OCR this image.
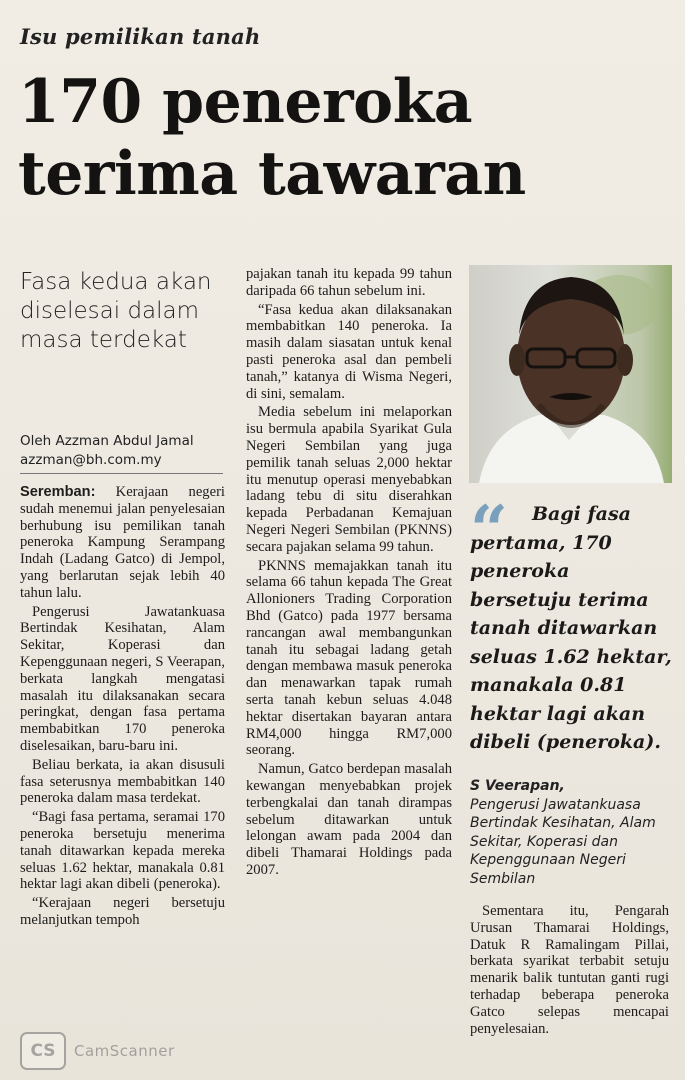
Isu pemilikan tanah
170 peneroka
terima tawaran

Fasa kedua akan diselesai dalam masa terdekat

Oleh Azzman Abdul Jamal
azzman@bh.com.my

Seremban: Kerajaan negeri sudah menemui jalan penyelesaian berhubung isu pemilikan tanah peneroka Kampung Serampang Indah (Ladang Gatco) di Jempol, yang berlarutan sejak lebih 40 tahun lalu.

Pengerusi Jawatankuasa Bertindak Kesihatan, Alam Sekitar, Koperasi dan Kepenggunaan negeri, S Veerapan, berkata langkah mengatasi masalah itu dilaksanakan secara peringkat, dengan fasa pertama membabitkan 170 peneroka diselesaikan, baru-baru ini.

Beliau berkata, ia akan disusuli fasa seterusnya membabitkan 140 peneroka dalam masa terdekat.

“Bagi fasa pertama, seramai 170 peneroka bersetuju menerima tanah ditawarkan kepada mereka seluas 1.62 hektar, manakala 0.81 hektar lagi akan dibeli (peneroka).

“Kerajaan negeri bersetuju melanjutkan tempoh

pajakan tanah itu kepada 99 tahun daripada 66 tahun sebelum ini.

“Fasa kedua akan dilaksanakan membabitkan 140 peneroka. Ia masih dalam siasatan untuk kenal pasti peneroka asal dan pembeli tanah,” katanya di Wisma Negeri, di sini, semalam.

Media sebelum ini melaporkan isu bermula apabila Syarikat Gula Negeri Sembilan yang juga pemilik tanah seluas 2,000 hektar itu menutup operasi menyebabkan ladang tebu di situ diserahkan kepada Perbadanan Kemajuan Negeri Negeri Sembilan (PKNNS) secara pajakan selama 99 tahun.

PKNNS memajakkan tanah itu selama 66 tahun kepada The Great Allonioners Trading Corporation Bhd (Gatco) pada 1977 bersama rancangan awal membangunkan tanah itu sebagai ladang getah dengan membawa masuk peneroka dan menawarkan tapak rumah serta tanah kebun seluas 4.048 hektar disertakan bayaran antara RM4,000 hingga RM7,000 seorang.

Namun, Gatco berdepan masalah kewangan menyebabkan projek terbengkalai dan tanah dirampas sebelum ditawarkan untuk lelongan awam pada 2004 dan dibeli Thamarai Holdings pada 2007.

“	Bagi fasa pertama, 170 peneroka bersetuju terima tanah ditawarkan seluas 1.62 hektar, manakala 0.81 hektar lagi akan dibeli (peneroka).

S Veerapan,
Pengerusi Jawatankuasa Bertindak Kesihatan, Alam Sekitar, Koperasi dan Kepenggunaan Negeri Sembilan

Sementara itu, Pengarah Urusan Thamarai Holdings, Datuk R Ramalingam Pillai, berkata syarikat terbabit setuju menarik balik tuntutan ganti rugi terhadap beberapa peneroka Gatco selepas mencapai penyelesaian.

CS	CamScanner
